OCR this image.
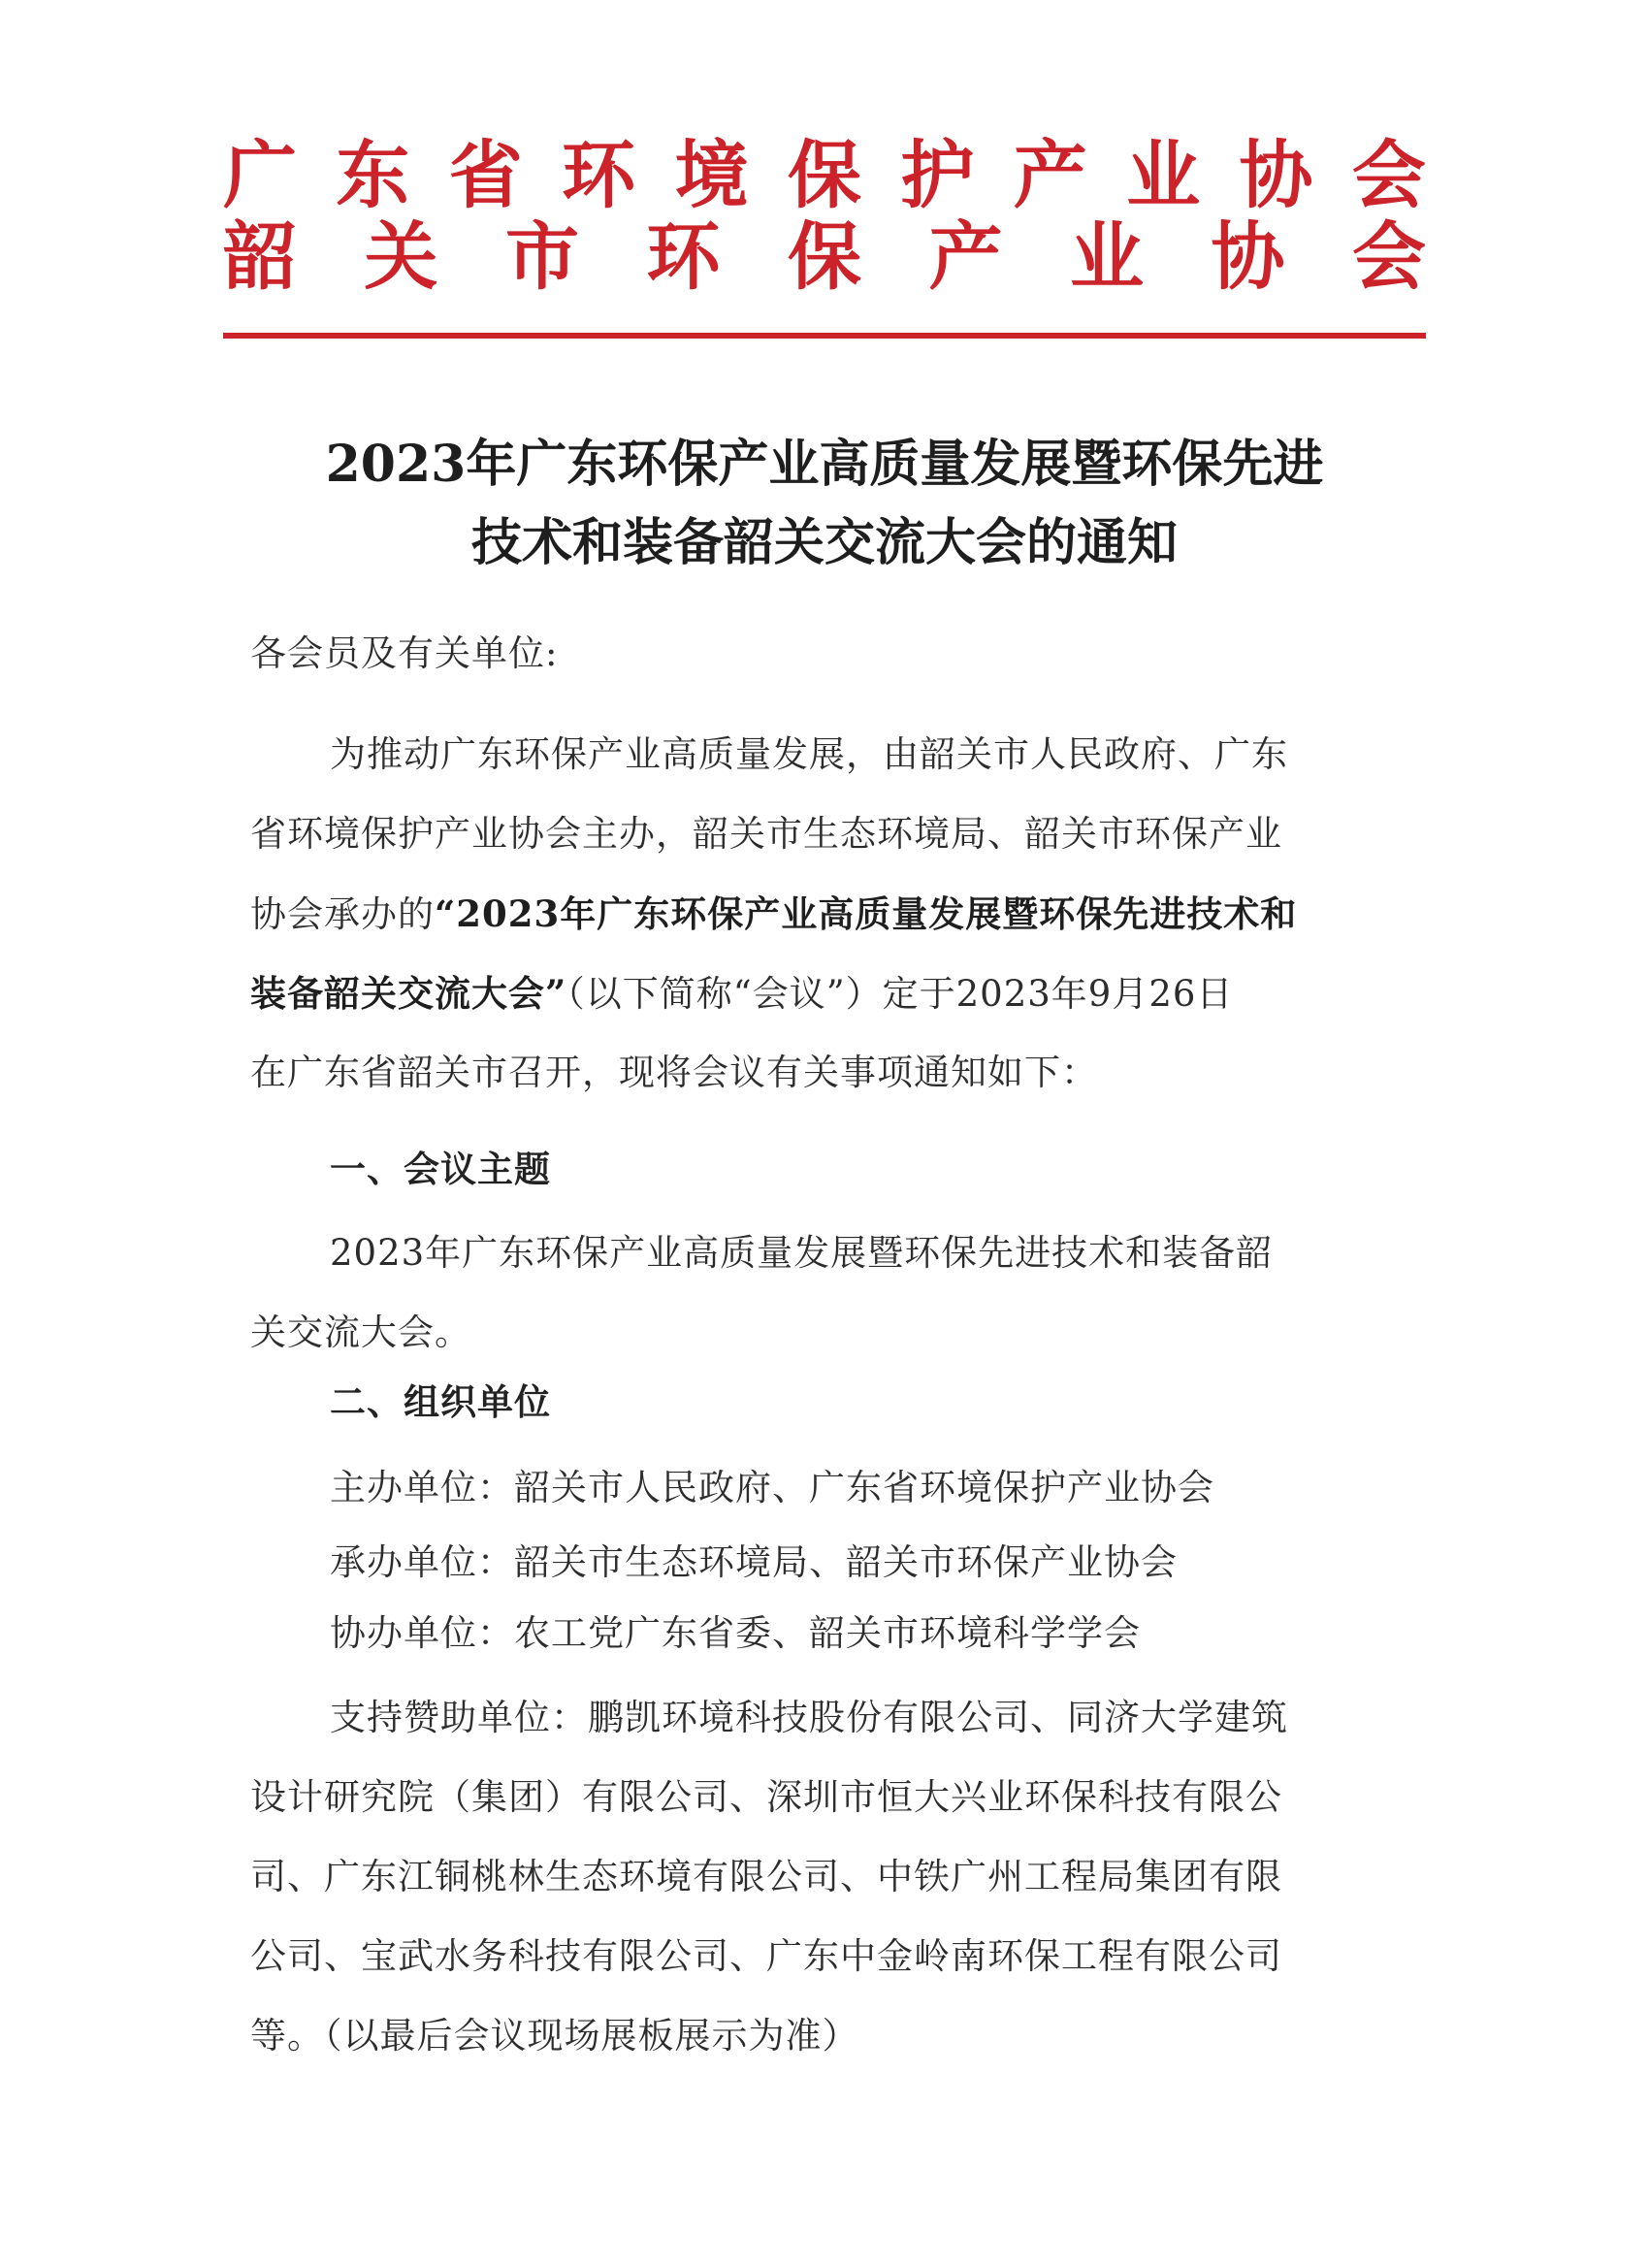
广 东 省 环 境 保 护 产 业 协 会
韶 关 市 环 保 产 业 协 会
2023年广东环保产业高质量发展暨环保先进
技术和装备韶关交流大会的通知
各会员及有关单位:
为推动广东环保产业高质量发展，由韶关市人民政府、广东
省环境保护产业协会主办，韶关市生态环境局、韶关市环保产业
协会承办的“2023年广东环保产业高质量发展暨环保先进技术和
装备韶关交流大会”（以下简称“会议”）定于2023年9月26日
在广东省韶关市召开，现将会议有关事项通知如下：
一、会议主题
2023年广东环保产业高质量发展暨环保先进技术和装备韶
关交流大会。
二、组织单位
主办单位：韶关市人民政府、广东省环境保护产业协会
承办单位：韶关市生态环境局、韶关市环保产业协会
协办单位：农工党广东省委、韶关市环境科学学会
支持赞助单位：鹏凯环境科技股份有限公司、同济大学建筑
设计研究院（集团）有限公司、深圳市恒大兴业环保科技有限公
司、广东江铜桃林生态环境有限公司、中铁广州工程局集团有限
公司、宝武水务科技有限公司、广东中金岭南环保工程有限公司
等。（以最后会议现场展板展示为准）
